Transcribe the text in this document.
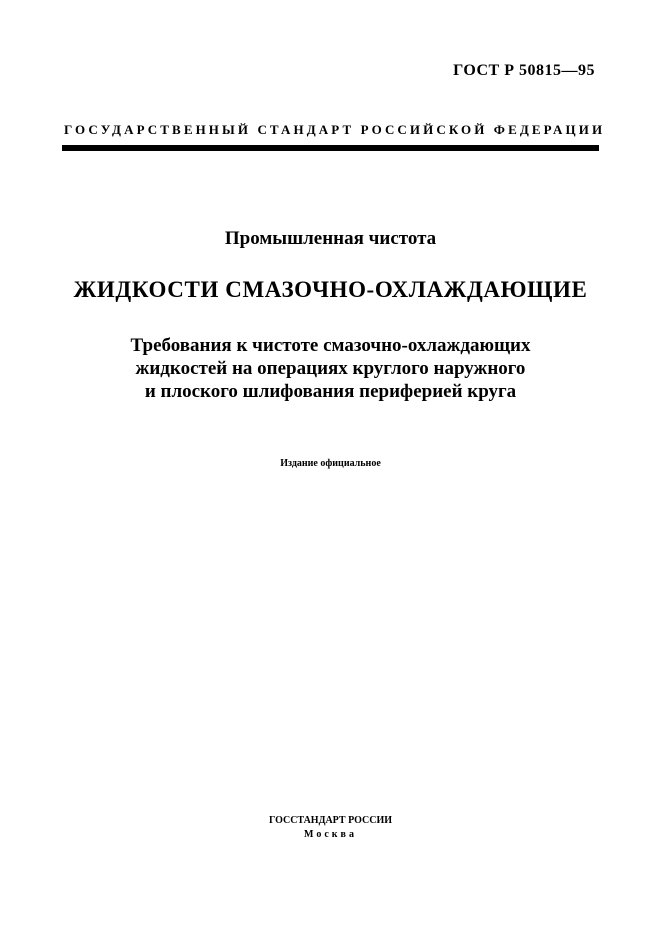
ГОСТ Р 50815—95
ГОСУДАРСТВЕННЫЙ СТАНДАРТ РОССИЙСКОЙ ФЕДЕРАЦИИ
Промышленная чистота
ЖИДКОСТИ СМАЗОЧНО-ОХЛАЖДАЮЩИЕ
Требования к чистоте смазочно-охлаждающих
жидкостей на операциях круглого наружного
и плоского шлифования периферией круга
Издание официальное
ГОССТАНДАРТ РОССИИ
Москва
